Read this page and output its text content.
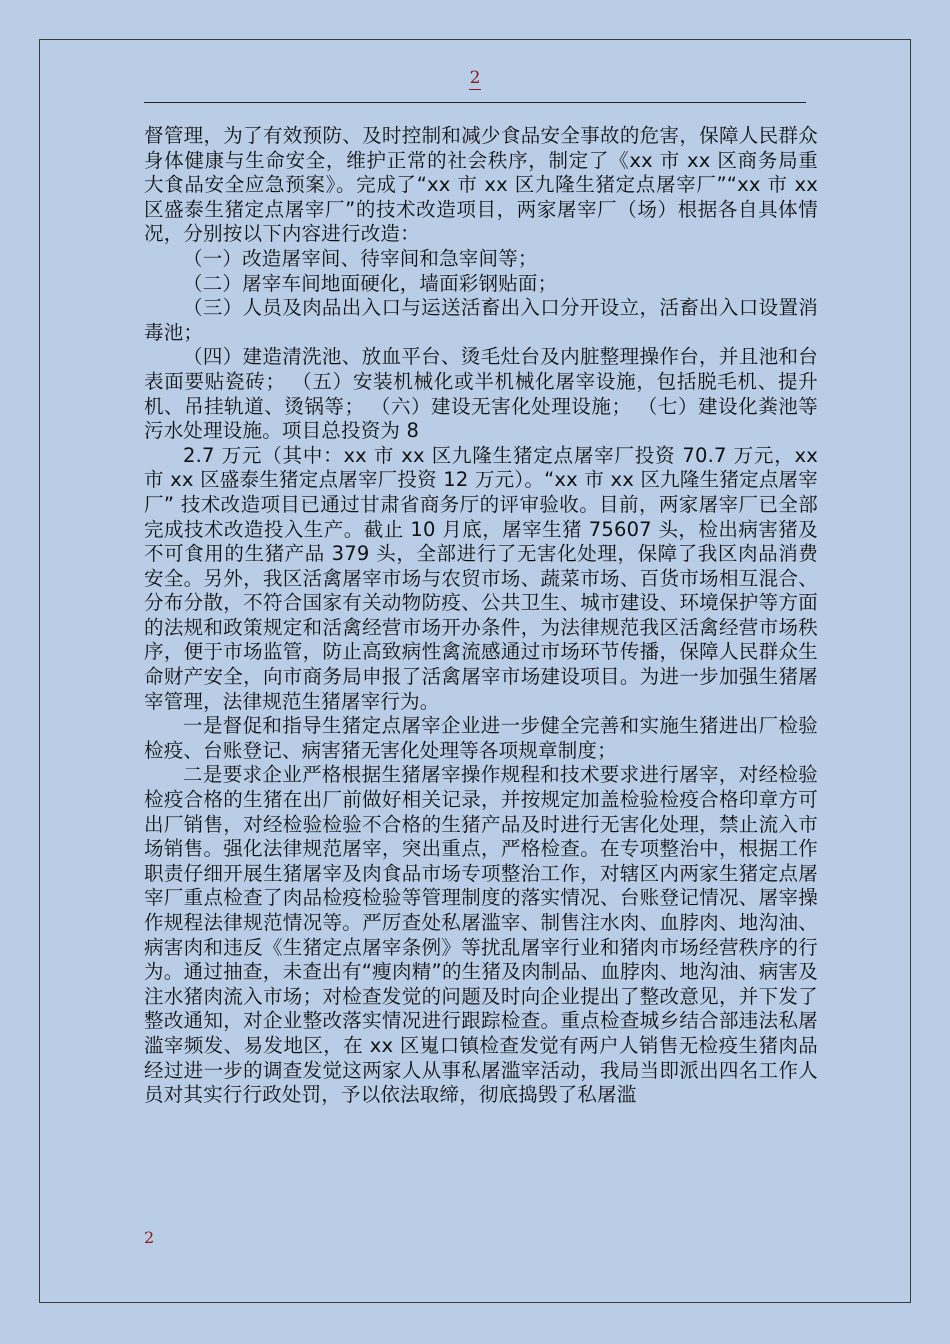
2

督管理，为了有效预防、及时控制和减少食品安全事故的危害，保障人民群众身体健康与生命安全，维护正常的社会秩序，制定了《xx 市 xx 区商务局重大食品安全应急预案》。完成了“xx 市 xx 区九隆生猪定点屠宰厂”“xx 市 xx 区盛泰生猪定点屠宰厂”的技术改造项目，两家屠宰厂（场）根据各自具体情况，分别按以下内容进行改造：

（一）改造屠宰间、待宰间和急宰间等；

（二）屠宰车间地面硬化，墙面彩钢贴面；

（三）人员及肉品出入口与运送活畜出入口分开设立，活畜出入口设置消毒池；

（四）建造清洗池、放血平台、烫毛灶台及内脏整理操作台，并且池和台表面要贴瓷砖； （五）安装机械化或半机械化屠宰设施，包括脱毛机、提升机、吊挂轨道、烫锅等； （六）建设无害化处理设施； （七）建设化粪池等污水处理设施。项目总投资为 8

2.7 万元（其中：xx 市 xx 区九隆生猪定点屠宰厂投资 70.7 万元，xx 市 xx 区盛泰生猪定点屠宰厂投资 12 万元）。“xx 市 xx 区九隆生猪定点屠宰厂” 技术改造项目已通过甘肃省商务厅的评审验收。目前，两家屠宰厂已全部完成技术改造投入生产。截止 10 月底，屠宰生猪 75607 头，检出病害猪及不可食用的生猪产品 379 头，全部进行了无害化处理，保障了我区肉品消费安全。另外，我区活禽屠宰市场与农贸市场、蔬菜市场、百货市场相互混合、分布分散，不符合国家有关动物防疫、公共卫生、城市建设、环境保护等方面的法规和政策规定和活禽经营市场开办条件，为法律规范我区活禽经营市场秩序，便于市场监管，防止高致病性禽流感通过市场环节传播，保障人民群众生命财产安全，向市商务局申报了活禽屠宰市场建设项目。为进一步加强生猪屠宰管理，法律规范生猪屠宰行为。

一是督促和指导生猪定点屠宰企业进一步健全完善和实施生猪进出厂检验检疫、台账登记、病害猪无害化处理等各项规章制度；

二是要求企业严格根据生猪屠宰操作规程和技术要求进行屠宰，对经检验检疫合格的生猪在出厂前做好相关记录，并按规定加盖检验检疫合格印章方可出厂销售，对经检验检验不合格的生猪产品及时进行无害化处理，禁止流入市场销售。强化法律规范屠宰，突出重点，严格检查。在专项整治中，根据工作职责仔细开展生猪屠宰及肉食品市场专项整治工作，对辖区内两家生猪定点屠宰厂重点检查了肉品检疫检验等管理制度的落实情况、台账登记情况、屠宰操作规程法律规范情况等。严厉查处私屠滥宰、制售注水肉、血脖肉、地沟油、病害肉和违反《生猪定点屠宰条例》等扰乱屠宰行业和猪肉市场经营秩序的行为。通过抽查，未查出有“瘦肉精”的生猪及肉制品、血脖肉、地沟油、病害及注水猪肉流入市场；对检查发觉的问题及时向企业提出了整改意见，并下发了整改通知，对企业整改落实情况进行跟踪检查。重点检查城乡结合部违法私屠滥宰频发、易发地区，在 xx 区嵬口镇检查发觉有两户人销售无检疫生猪肉品经过进一步的调查发觉这两家人从事私屠滥宰活动，我局当即派出四名工作人员对其实行行政处罚，予以依法取缔，彻底捣毁了私屠滥

2
